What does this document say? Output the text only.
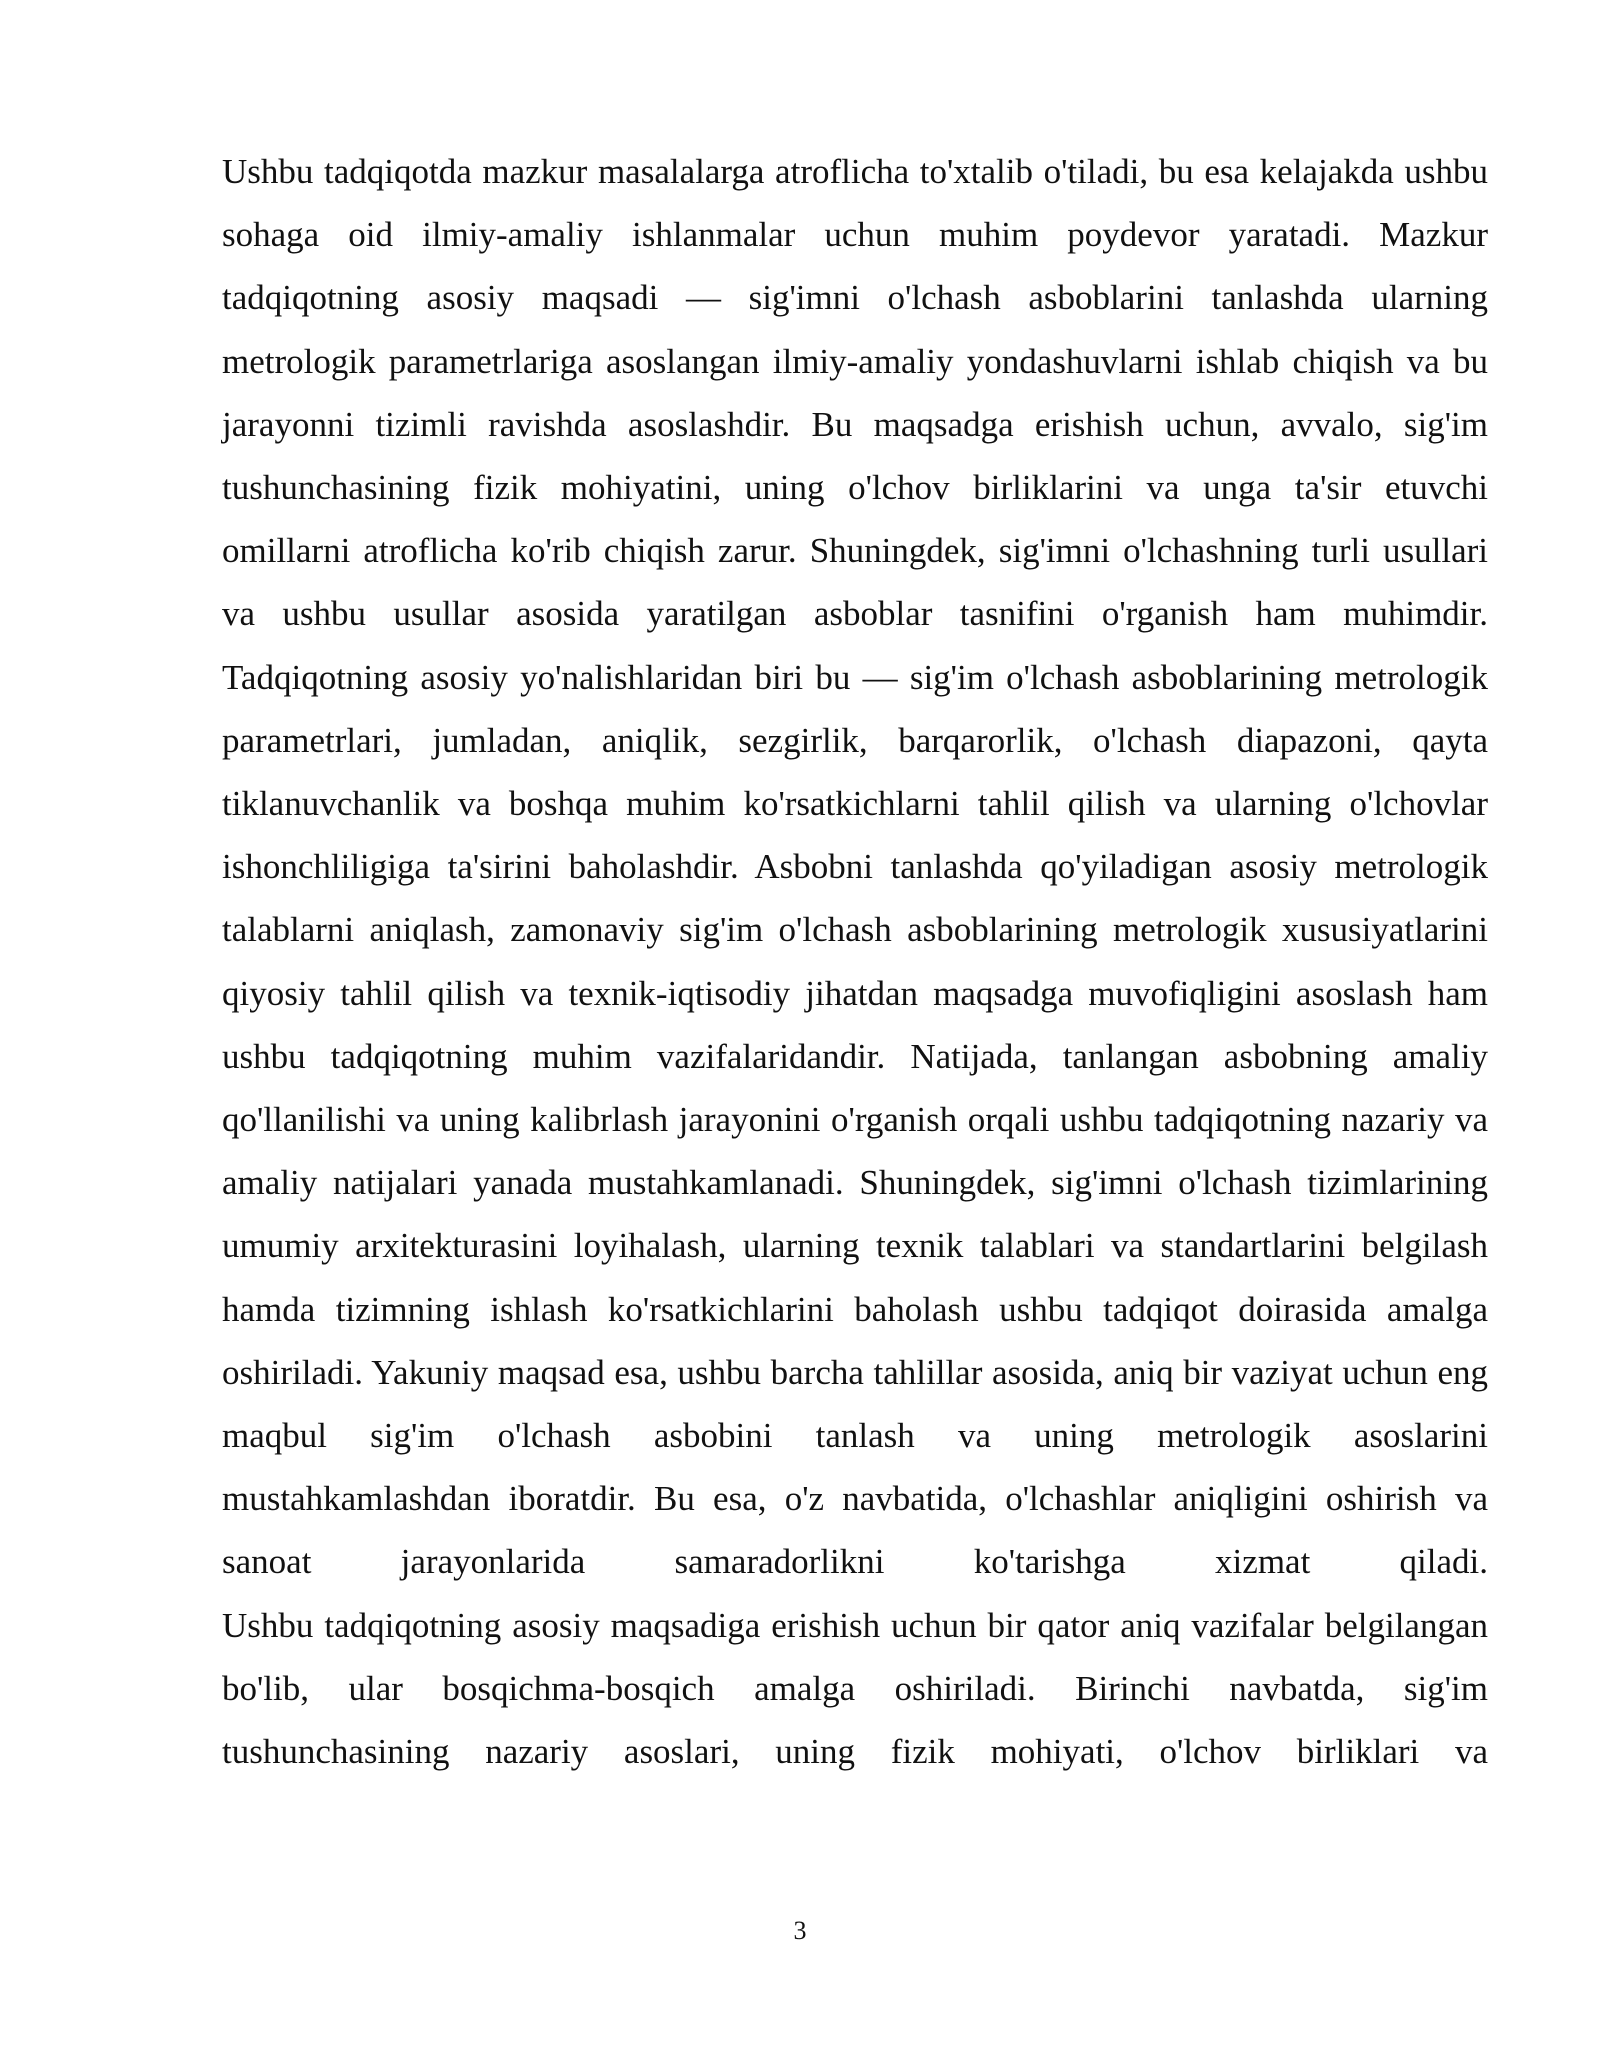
Ushbu tadqiqotda mazkur masalalarga atroflicha to'xtalib o'tiladi, bu esa kelajakda ushbu sohaga oid ilmiy-amaliy ishlanmalar uchun muhim poydevor yaratadi. Mazkur tadqiqotning asosiy maqsadi — sig'imni o'lchash asboblarini tanlashda ularning metrologik parametrlariga asoslangan ilmiy-amaliy yondashuvlarni ishlab chiqish va bu jarayonni tizimli ravishda asoslashdir. Bu maqsadga erishish uchun, avvalo, sig'im tushunchasining fizik mohiyatini, uning o'lchov birliklarini va unga ta'sir etuvchi omillarni atroflicha ko'rib chiqish zarur. Shuningdek, sig'imni o'lchashning turli usullari va ushbu usullar asosida yaratilgan asboblar tasnifini o'rganish ham muhimdir. Tadqiqotning asosiy yo'nalishlaridan biri bu — sig'im o'lchash asboblarining metrologik parametrlari, jumladan, aniqlik, sezgirlik, barqarorlik, o'lchash diapazoni, qayta tiklanuvchanlik va boshqa muhim ko'rsatkichlarni tahlil qilish va ularning o'lchovlar ishonchliligiga ta'sirini baholashdir. Asbobni tanlashda qo'yiladigan asosiy metrologik talablarni aniqlash, zamonaviy sig'im o'lchash asboblarining metrologik xususiyatlarini qiyosiy tahlil qilish va texnik-iqtisodiy jihatdan maqsadga muvofiqligini asoslash ham ushbu tadqiqotning muhim vazifalaridandir. Natijada, tanlangan asbobning amaliy qo'llanilishi va uning kalibrlash jarayonini o'rganish orqali ushbu tadqiqotning nazariy va amaliy natijalari yanada mustahkamlanadi. Shuningdek, sig'imni o'lchash tizimlarining umumiy arxitekturasini loyihalash, ularning texnik talablari va standartlarini belgilash hamda tizimning ishlash ko'rsatkichlarini baholash ushbu tadqiqot doirasida amalga oshiriladi. Yakuniy maqsad esa, ushbu barcha tahlillar asosida, aniq bir vaziyat uchun eng maqbul sig'im o'lchash asbobini tanlash va uning metrologik asoslarini mustahkamlashdan iboratdir. Bu esa, o'z navbatida, o'lchashlar aniqligini oshirish va sanoat jarayonlarida samaradorlikni ko'tarishga xizmat qiladi.

Ushbu tadqiqotning asosiy maqsadiga erishish uchun bir qator aniq vazifalar belgilangan bo'lib, ular bosqichma-bosqich amalga oshiriladi. Birinchi navbatda, sig'im tushunchasining nazariy asoslari, uning fizik mohiyati, o'lchov birliklari va

3
